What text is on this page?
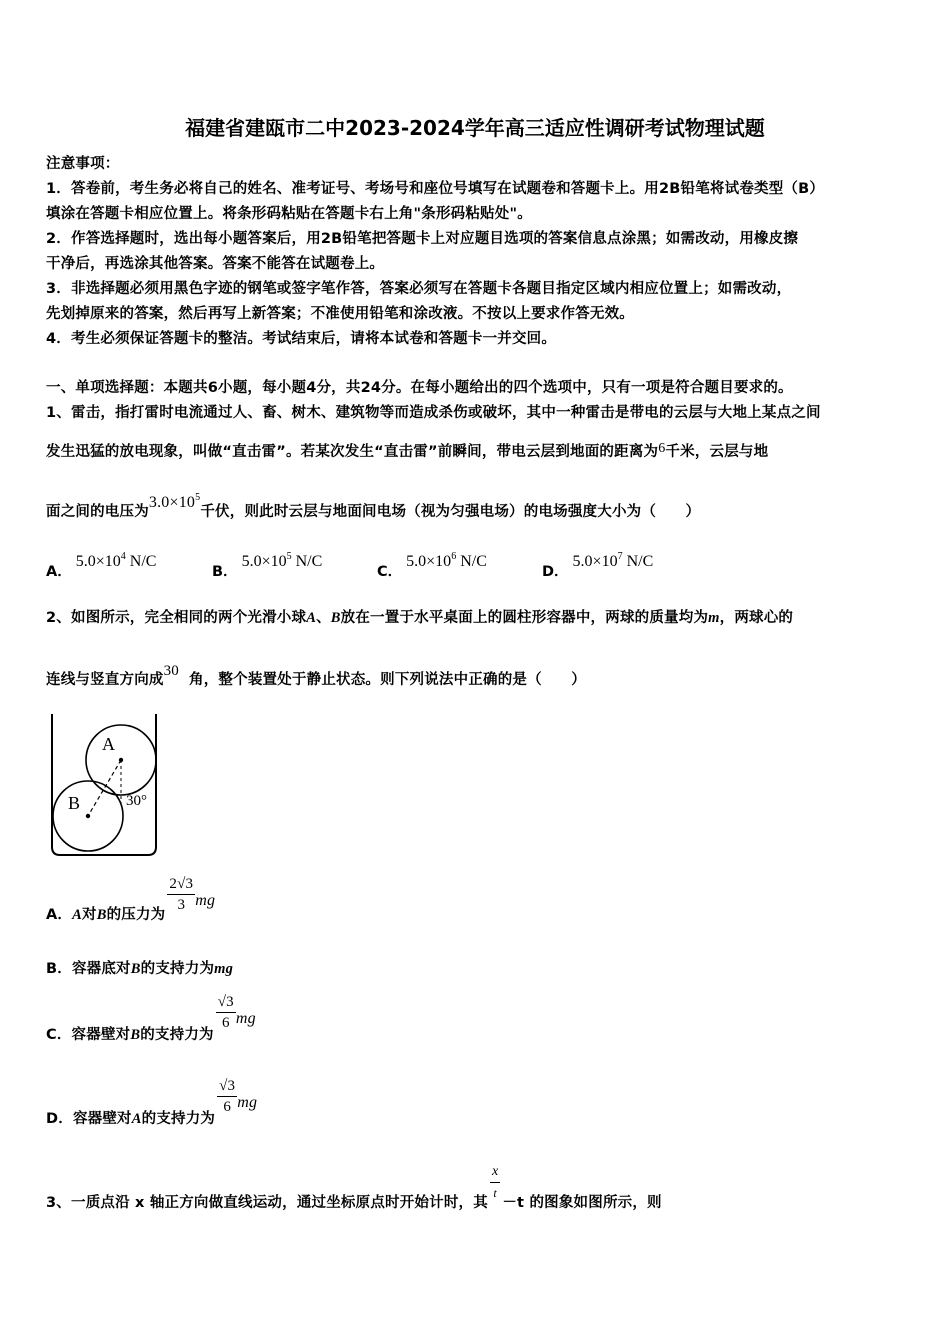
福建省建瓯市二中2023-2024学年高三适应性调研考试物理试题
注意事项：
1．答卷前，考生务必将自己的姓名、准考证号、考场号和座位号填写在试题卷和答题卡上。用2B铅笔将试卷类型（B）
填涂在答题卡相应位置上。将条形码粘贴在答题卡右上角"条形码粘贴处"。
2．作答选择题时，选出每小题答案后，用2B铅笔把答题卡上对应题目选项的答案信息点涂黑；如需改动，用橡皮擦
干净后，再选涂其他答案。答案不能答在试题卷上。
3．非选择题必须用黑色字迹的钢笔或签字笔作答，答案必须写在答题卡各题目指定区域内相应位置上；如需改动，
先划掉原来的答案，然后再写上新答案；不准使用铅笔和涂改液。不按以上要求作答无效。
4．考生必须保证答题卡的整洁。考试结束后，请将本试卷和答题卡一并交回。
一、单项选择题：本题共6小题，每小题4分，共24分。在每小题给出的四个选项中，只有一项是符合题目要求的。
1、雷击，指打雷时电流通过人、畜、树木、建筑物等而造成杀伤或破坏，其中一种雷击是带电的云层与大地上某点之间
发生迅猛的放电现象，叫做“直击雷”。若某次发生“直击雷”前瞬间，带电云层到地面的距离为6千米，云层与地
面之间的电压为$3.0\times 10^5$千伏，则此时云层与地面间电场（视为匀强电场）的电场强度大小为（　　）
A．$5.0\times 10^4$ N/C
B．$5.0\times 10^5$ N/C
C．$5.0\times 10^6$ N/C
D．$5.0\times 10^7$ N/C
2、如图所示，完全相同的两个光滑小球A、B放在一置于水平桌面上的圆柱形容器中，两球的质量均为m，两球心的
连线与竖直方向成30角，整个装置处于静止状态。则下列说法中正确的是（　　）
A
B	30°
A．A对B的压力为 $\frac{2√3}{3}$ mg
B．容器底对B的支持力为mg
C．容器壁对B的支持力为
$\frac{√3}{6}$ mg
D．容器壁对A的支持力为
$\frac{√3}{6}$ mg
3、一质点沿 x 轴正方向做直线运动，通过坐标原点时开始计时，其 $\frac{x}{t} -t$ 的图象如图所示，则
